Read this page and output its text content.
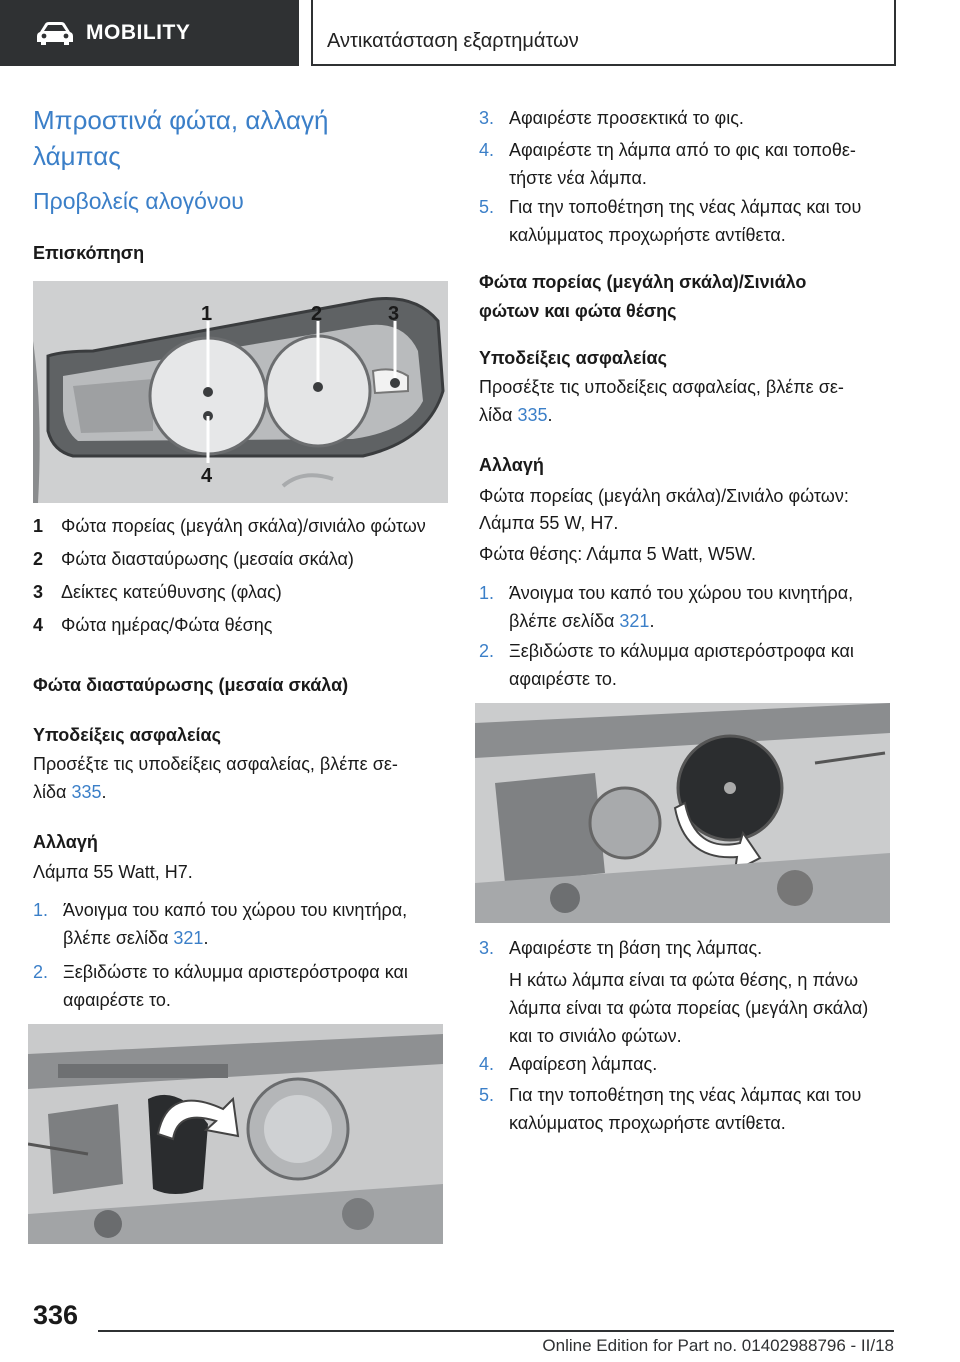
MOBILITY	Αντικατάσταση εξαρτημάτων
Μπροστινά φώτα, αλλαγή λάμπας
Προβολείς αλογόνου
Επισκόπηση
1	2	3
4
1 Φώτα πορείας (μεγάλη σκάλα)/σινιάλο φώτων
2 Φώτα διασταύρωσης (μεσαία σκάλα)
3 Δείκτες κατεύθυνσης (φλας)
4 Φώτα ημέρας/Φώτα θέσης
Φώτα διασταύρωσης (μεσαία σκάλα)
Υποδείξεις ασφαλείας
Προσέξτε τις υποδείξεις ασφαλείας, βλέπε σε-
λίδα 335.
Αλλαγή
Λάμπα 55 Watt, H7.
1. Άνοιγμα του καπό του χώρου του κινητήρα,
βλέπε σελίδα 321.
2. Ξεβιδώστε το κάλυμμα αριστερόστροφα και
αφαιρέστε το.
3. Αφαιρέστε προσεκτικά το φις.
4. Αφαιρέστε τη λάμπα από το φις και τοποθε-
τήστε νέα λάμπα.
5. Για την τοποθέτηση της νέας λάμπας και του
καλύμματος προχωρήστε αντίθετα.
Φώτα πορείας (μεγάλη σκάλα)/Σινιάλο
φώτων και φώτα θέσης
Υποδείξεις ασφαλείας
Προσέξτε τις υποδείξεις ασφαλείας, βλέπε σε-
λίδα 335.
Αλλαγή
Φώτα πορείας (μεγάλη σκάλα)/Σινιάλο φώτων:
Λάμπα 55 W, H7.
Φώτα θέσης: Λάμπα 5 Watt, W5W.
1. Άνοιγμα του καπό του χώρου του κινητήρα,
βλέπε σελίδα 321.
2. Ξεβιδώστε το κάλυμμα αριστερόστροφα και
αφαιρέστε το.
3. Αφαιρέστε τη βάση της λάμπας.
Η κάτω λάμπα είναι τα φώτα θέσης, η πάνω
λάμπα είναι τα φώτα πορείας (μεγάλη σκάλα)
και το σινιάλο φώτων.
4. Αφαίρεση λάμπας.
5. Για την τοποθέτηση της νέας λάμπας και του
καλύμματος προχωρήστε αντίθετα.
336
Online Edition for Part no. 01402988796 - II/18
